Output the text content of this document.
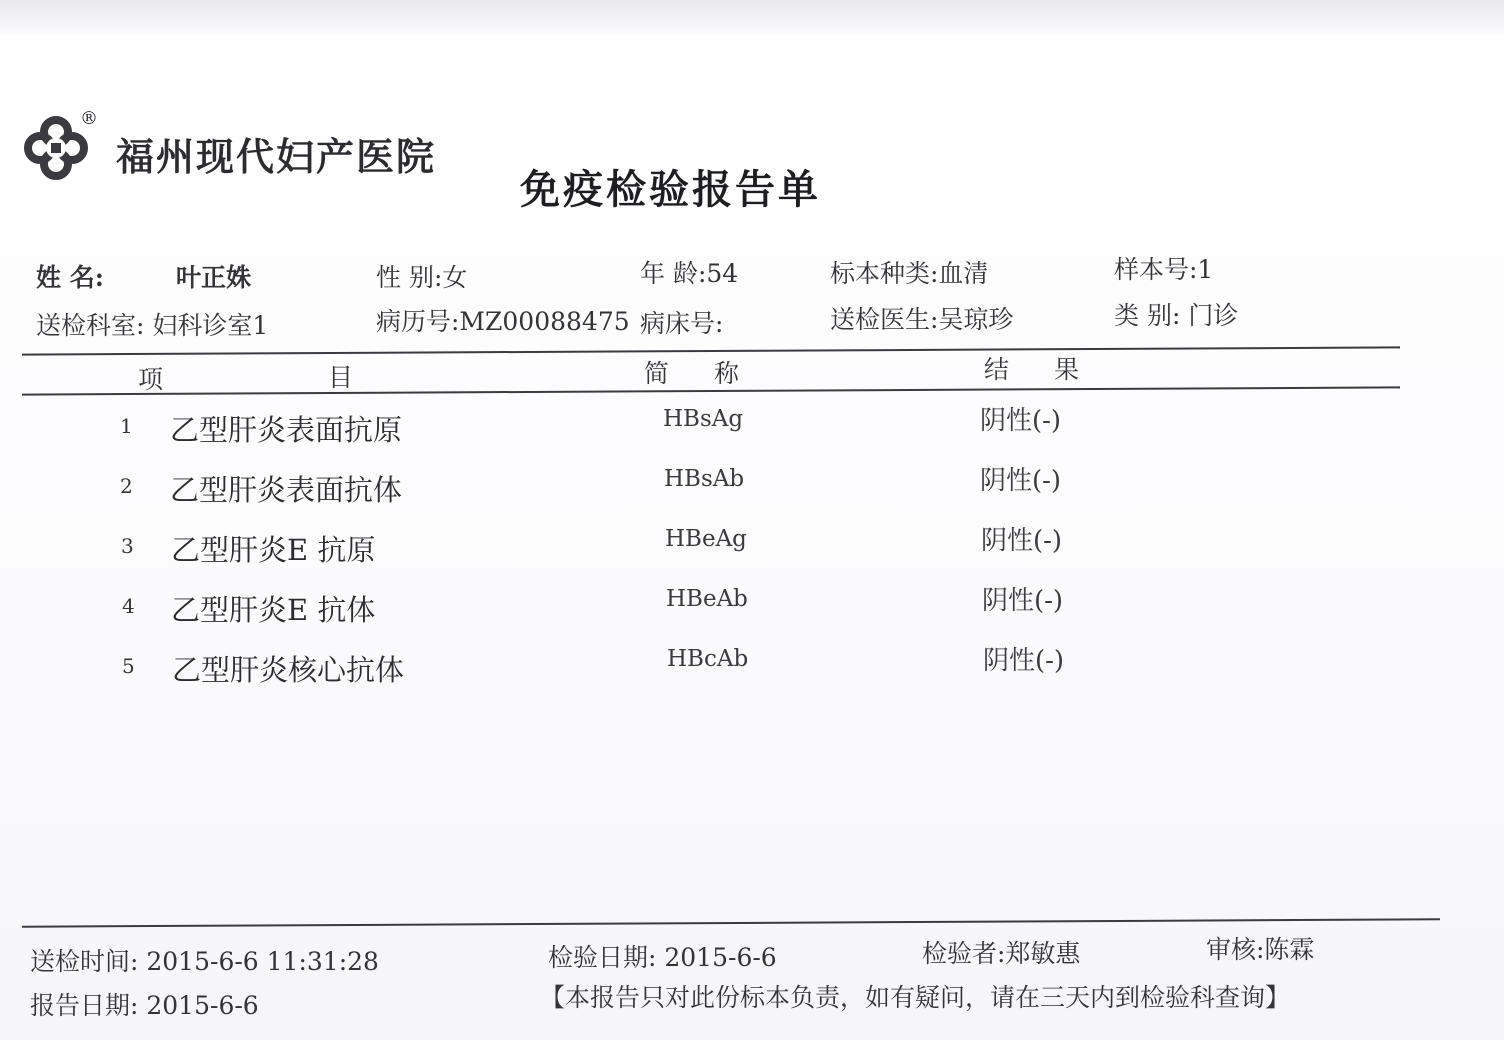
®
福州现代妇产医院
免疫检验报告单
姓 名:	叶正姝	性 别:女	年 龄:54	标本种类:血清	样本号:1
送检科室: 妇科诊室1	病历号:MZ00088475 病床号:	送检医生:吴琼珍	类 别: 门诊
项	目	简 称	结 果
1 乙型肝炎表面抗原	HBsAg	阴性(-)
2 乙型肝炎表面抗体	HBsAb	阴性(-)
3 乙型肝炎E 抗原	HBeAg	阴性(-)
4 乙型肝炎E 抗体	HBeAb	阴性(-)
5 乙型肝炎核心抗体	HBcAb	阴性(-)
送检时间: 2015-6-6 11:31:28	检验日期: 2015-6-6	检验者:郑敏惠	审核:陈霖
报告日期: 2015-6-6	【本报告只对此份标本负责，如有疑问，请在三天内到检验科查询】
